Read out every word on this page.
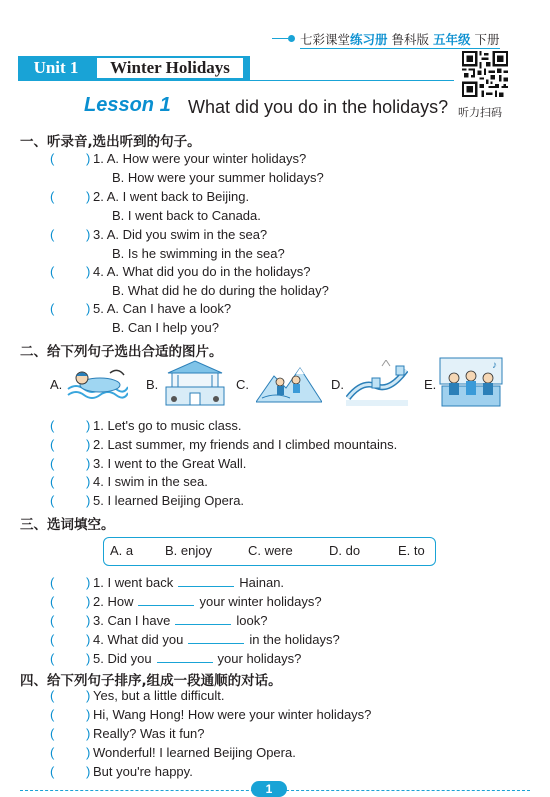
七彩课堂练习册 鲁科版 五年级 下册
Unit 1	Winter Holidays
听力扫码
Lesson 1 What did you do in the holidays?
一、听录音,选出听到的句子。
( ) 1. A. How were your winter holidays?
B. How were your summer holidays?
( ) 2. A. I went back to Beijing.
B. I went back to Canada.
( ) 3. A. Did you swim in the sea?
B. Is he swimming in the sea?
( ) 4. A. What did you do in the holidays?
B. What did he do during the holiday?
( ) 5. A. Can I have a look?
B. Can I help you?
二、给下列句子选出合适的图片。
A.	B.	C.	D.	E.
♪
( ) 1. Let's go to music class.
( ) 2. Last summer, my friends and I climbed mountains.
( ) 3. I went to the Great Wall.
( ) 4. I swim in the sea.
( ) 5. I learned Beijing Opera.
三、选词填空。
A. a B. enjoy	C. were	D. do	E. to
( ) 1. I went back	Hainan.
( ) 2. How	your winter holidays?
( ) 3. Can I have	look?
( ) 4. What did you	in the holidays?
( ) 5. Did you	your holidays?
四、给下列句子排序,组成一段通顺的对话。
( ) Yes, but a little difficult.
( ) Hi, Wang Hong! How were your winter holidays?
( ) Really? Was it fun?
( ) Wonderful! I learned Beijing Opera.
( ) But you're happy.
1
